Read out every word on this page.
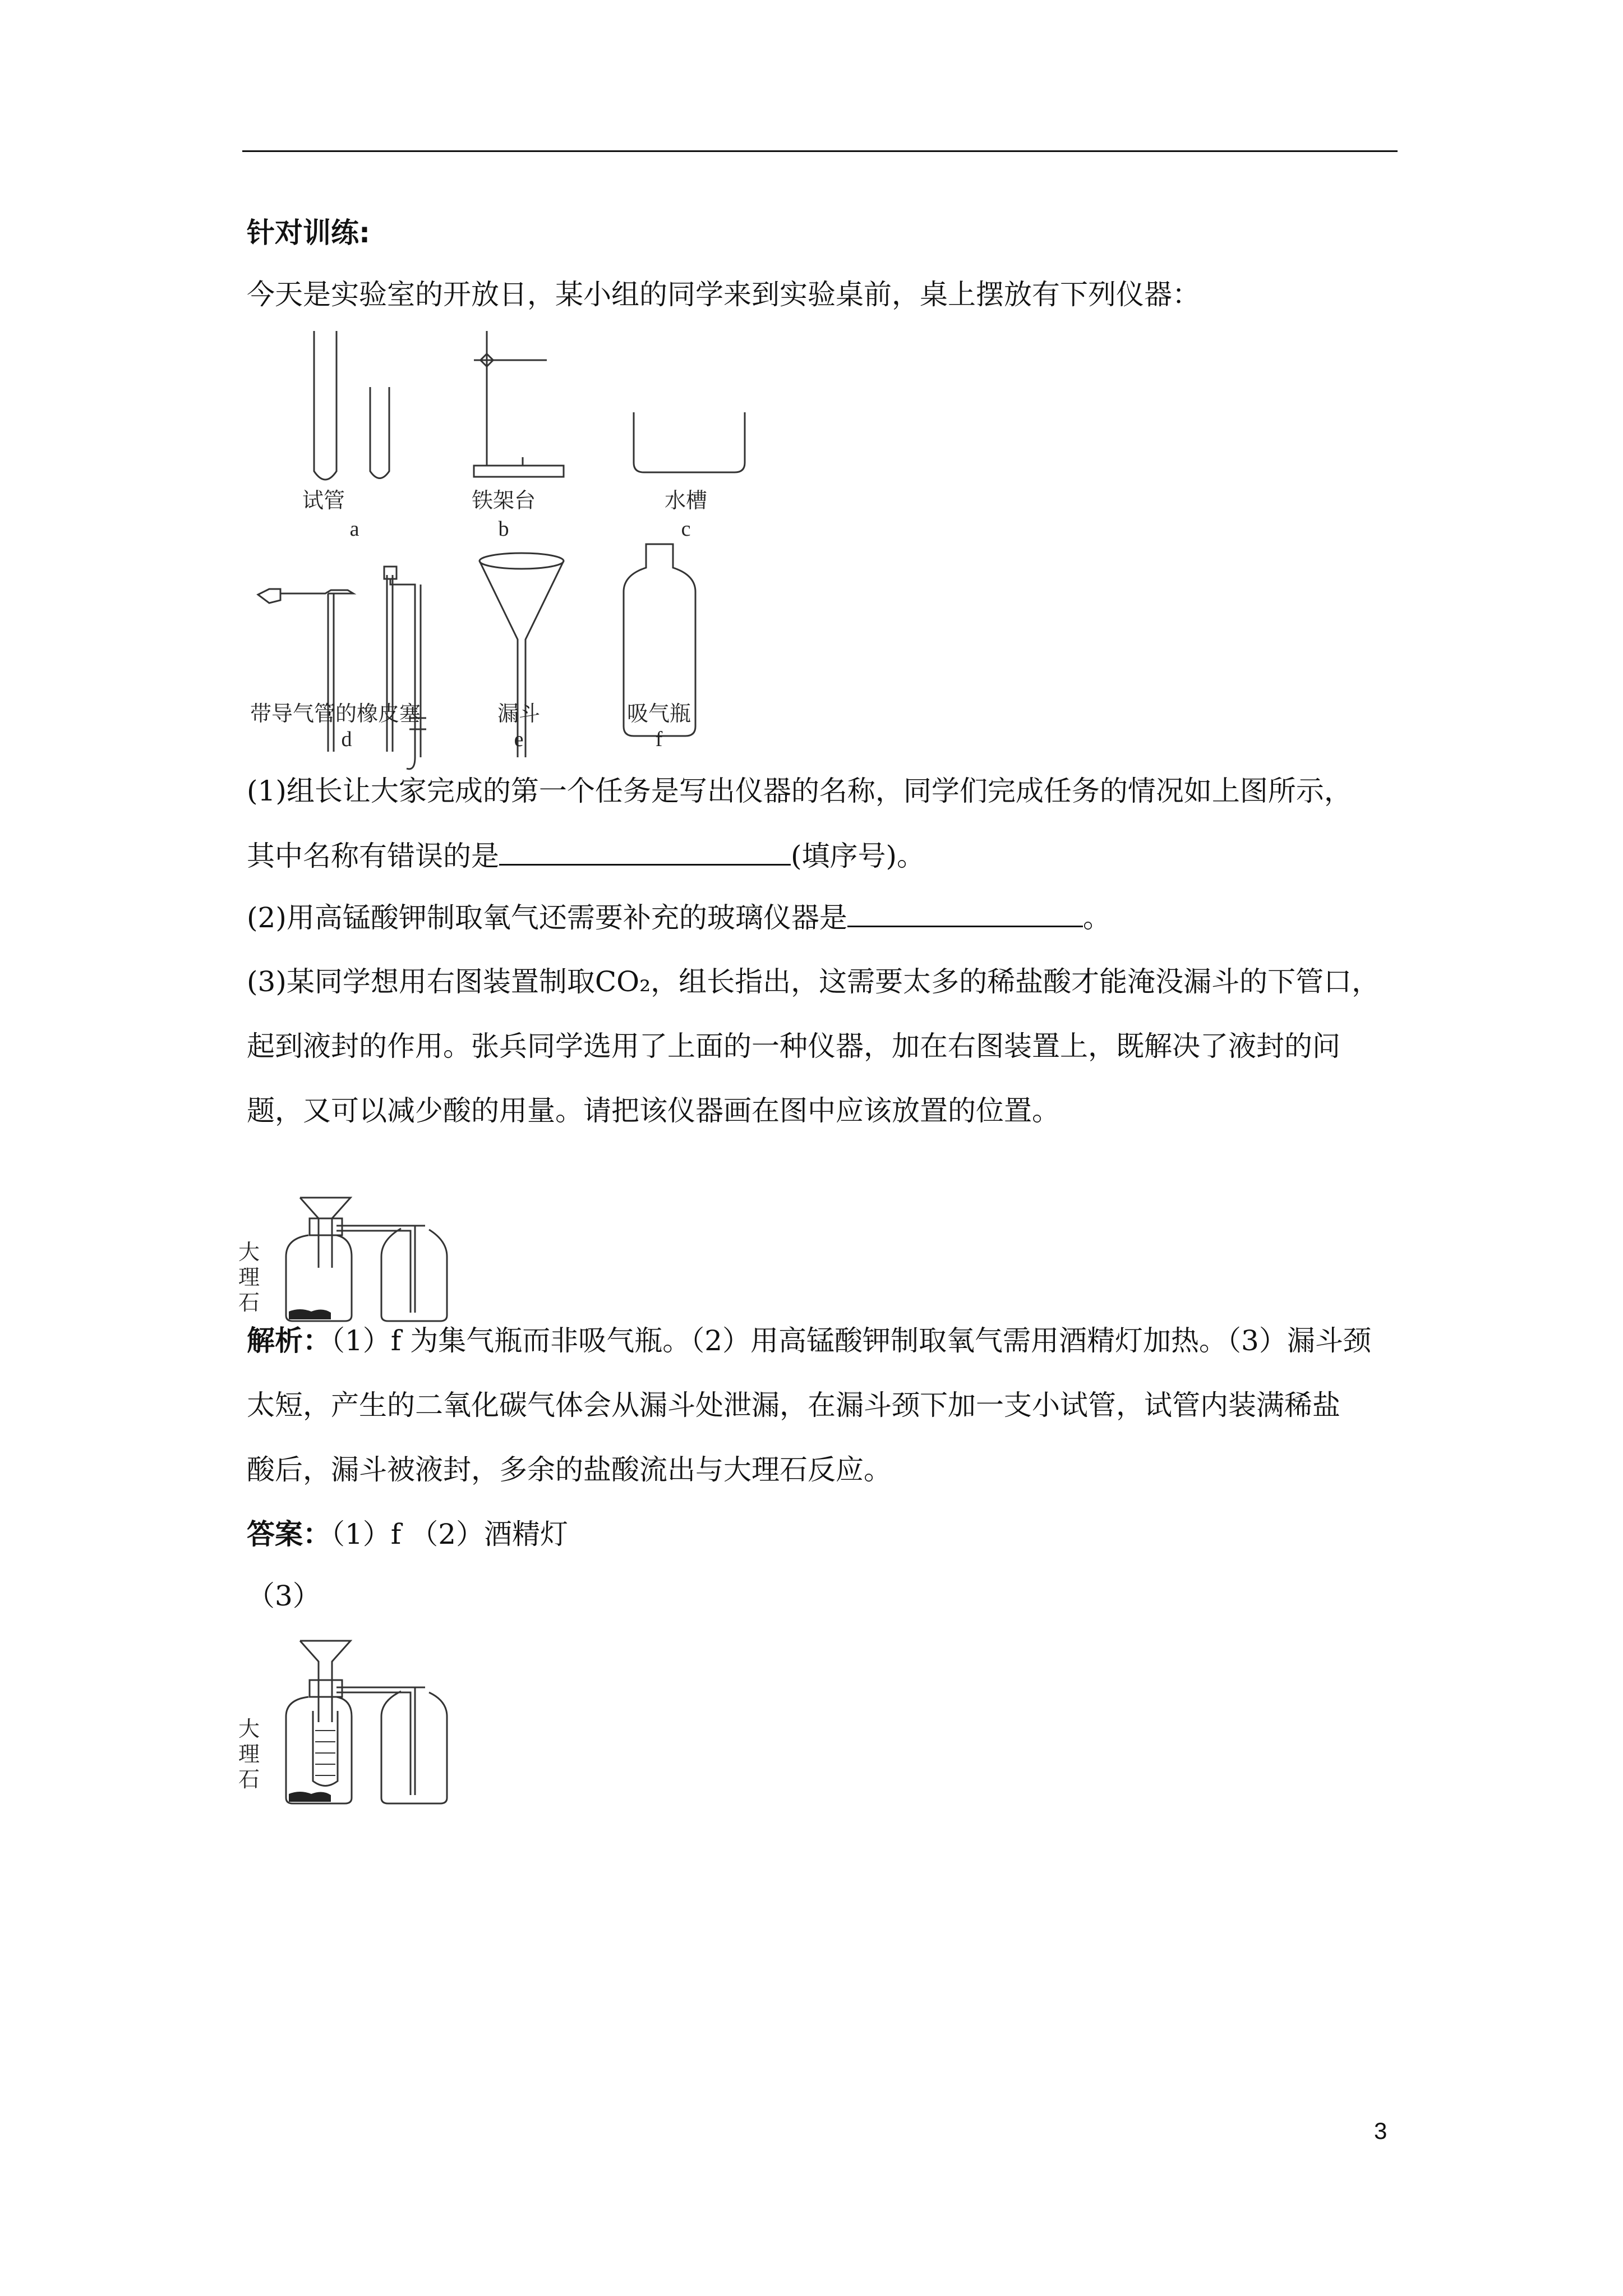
针对训练:
今天是实验室的开放日，某小组的同学来到实验桌前，桌上摆放有下列仪器：
试管
a
铁架台
b
水槽
c
带导气管的橡皮塞
d
漏斗
e
吸气瓶
f
(1)组长让大家完成的第一个任务是写出仪器的名称，同学们完成任务的情况如上图所示，
其中名称有错误的是	(填序号)。
(2)用高锰酸钾制取氧气还需要补充的玻璃仪器是	。
(3)某同学想用右图装置制取CO₂，组长指出，这需要太多的稀盐酸才能淹没漏斗的下管口，
起到液封的作用。张兵同学选用了上面的一种仪器，加在右图装置上，既解决了液封的问
题，又可以减少酸的用量。请把该仪器画在图中应该放置的位置。
大
理
石
解析：（1）f 为集气瓶而非吸气瓶。（2）用高锰酸钾制取氧气需用酒精灯加热。（3）漏斗颈
太短，产生的二氧化碳气体会从漏斗处泄漏，在漏斗颈下加一支小试管，试管内装满稀盐
酸后，漏斗被液封，多余的盐酸流出与大理石反应。
答案：（1）f （2）酒精灯
（3）
大
理
石
3
